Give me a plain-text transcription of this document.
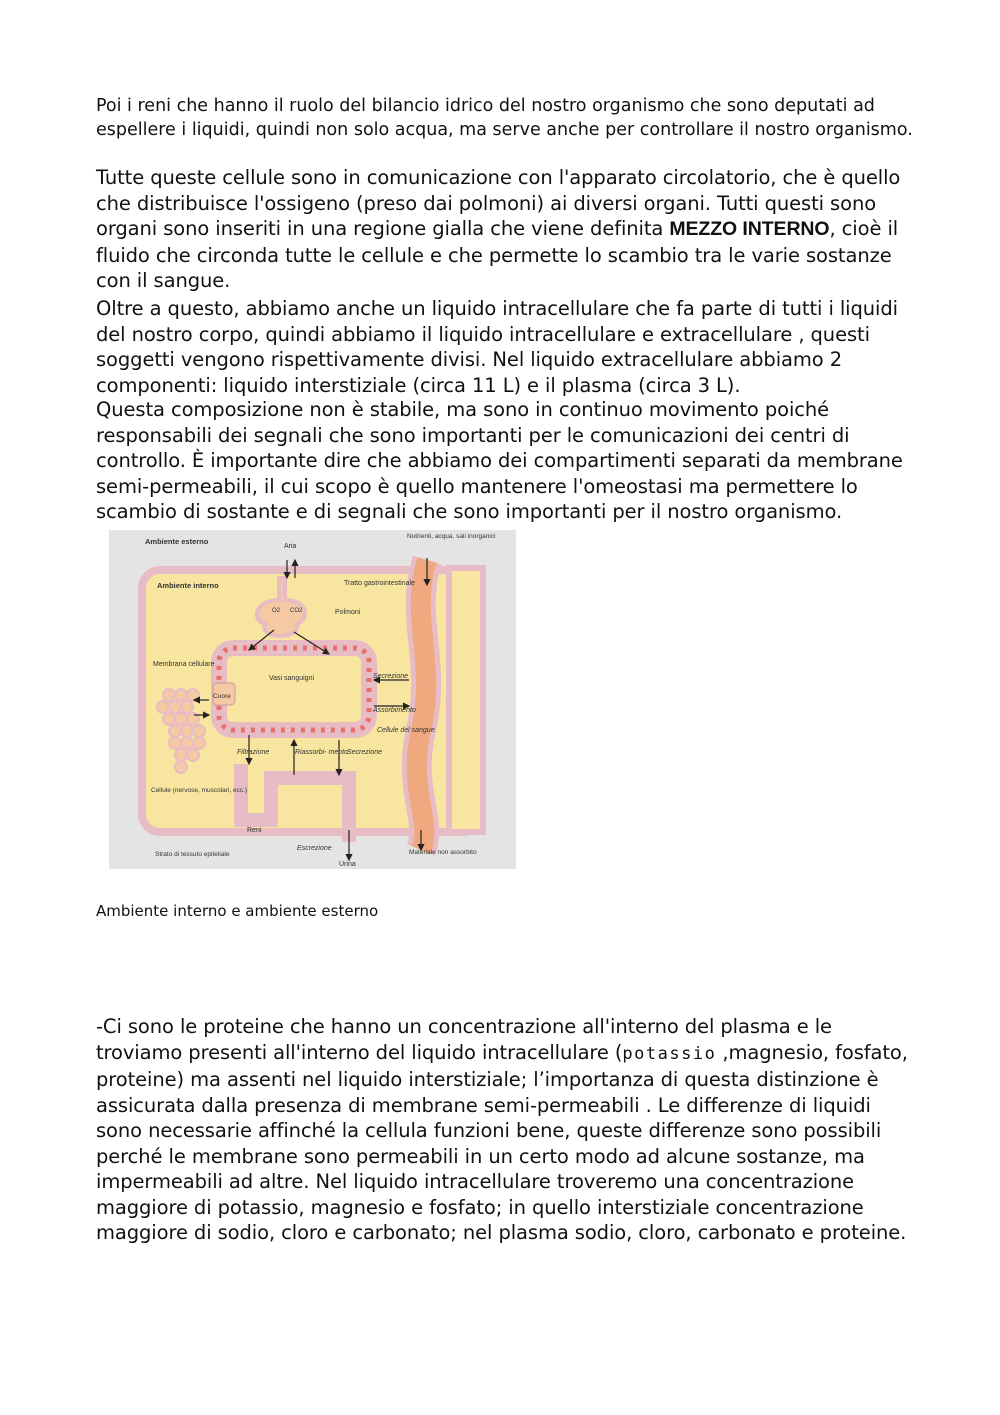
Poi i reni che hanno il ruolo del bilancio idrico del nostro organismo che sono deputati ad espellere i liquidi, quindi non solo acqua, ma serve anche per controllare il nostro organismo.

Tutte queste cellule sono in comunicazione con l'apparato circolatorio, che è quello che distribuisce l'ossigeno (preso dai polmoni) ai diversi organi. Tutti questi sono organi sono inseriti in una regione gialla che viene definita MEZZO INTERNO, cioè il fluido che circonda tutte le cellule e che permette lo scambio tra le varie sostanze con il sangue.

Oltre a questo, abbiamo anche un liquido intracellulare che fa parte di tutti i liquidi del nostro corpo, quindi abbiamo il liquido intracellulare e extracellulare , questi soggetti vengono rispettivamente divisi. Nel liquido extracellulare abbiamo 2 componenti: liquido interstiziale (circa 11 L) e il plasma (circa 3 L).

Questa composizione non è stabile, ma sono in continuo movimento poiché responsabili dei segnali che sono importanti per le comunicazioni dei centri di controllo. È importante dire che abbiamo dei compartimenti separati da membrane semi-permeabili, il cui scopo è quello mantenere l'omeostasi ma permettere lo scambio di sostante e di segnali che sono importanti per il nostro organismo.

Ambiente esterno
Ambiente interno
Aria
Nutrienti, acqua, sali inorganici
Tratto gastrointestinale
Polmoni
O2 CO2
Membrana cellulare
Vasi sanguigni
Cuore
Secrezione
Assorbimento
Cellule del sangue
Filtrazione	Riassorbi- mento Secrezione
Cellule (nervose, muscolari, ecc.)
Reni
Strato di tessuto epiteliale
Escrezione
Urina
Materiale non assorbito

Ambiente interno e ambiente esterno

-Ci sono le proteine che hanno un concentrazione all'interno del plasma e le troviamo presenti all'interno del liquido intracellulare (potassio ,magnesio, fosfato, proteine) ma assenti nel liquido interstiziale; l’importanza di questa distinzione è assicurata dalla presenza di membrane semi-permeabili . Le differenze di liquidi sono necessarie affinché la cellula funzioni bene, queste differenze sono possibili perché le membrane sono permeabili in un certo modo ad alcune sostanze, ma impermeabili ad altre. Nel liquido intracellulare troveremo una concentrazione maggiore di potassio, magnesio e fosfato; in quello interstiziale concentrazione maggiore di sodio, cloro e carbonato; nel plasma sodio, cloro, carbonato e proteine.
